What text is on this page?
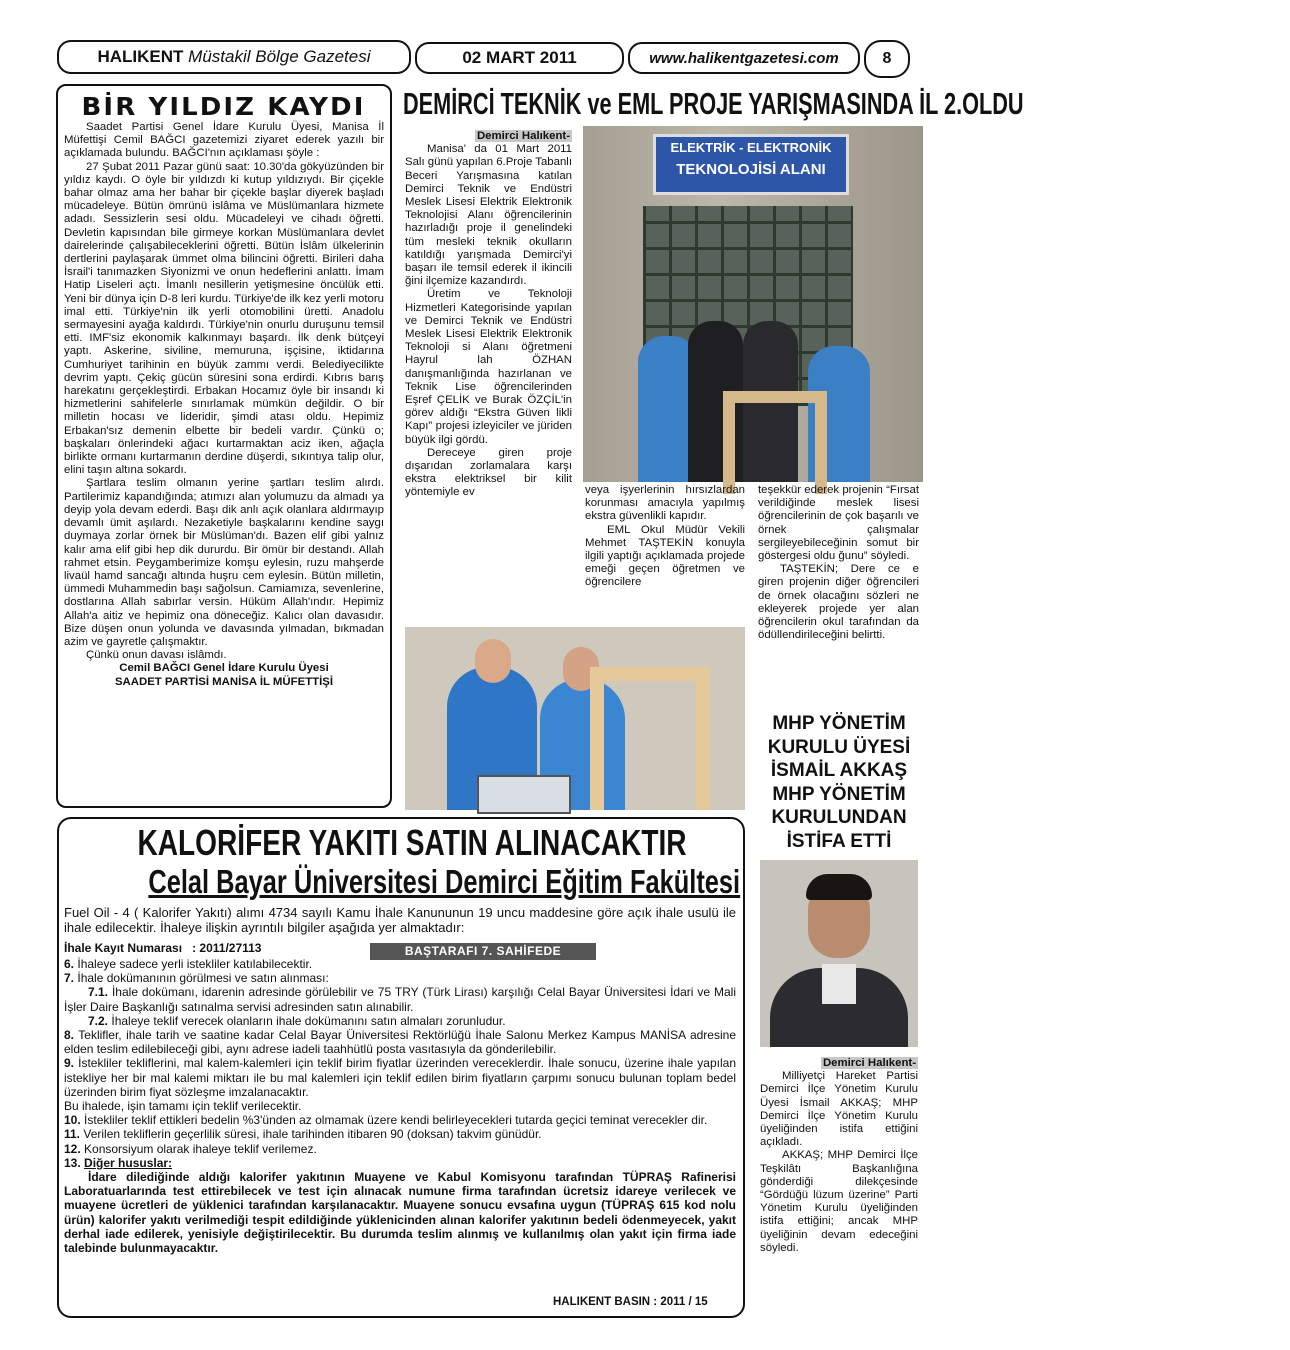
HALIKENT
Müstakil Bölge Gazetesi	02 MART 2011	www.halikentgazetesi.com	8
BİR YILDIZ KAYDI

Saadet Partisi Genel İdare Kurulu Üyesi, Manisa İl Müfettişi Cemil BAĞCI gazetemizi ziyaret ederek yazılı bir açıklamada bulundu. BAĞCI'nın açıklaması şöyle :

27 Şubat 2011 Pazar günü saat: 10.30'da gökyüzünden bir yıldız kaydı. O öyle bir yıldızdı ki kutup yıldızıydı. Bir çiçekle bahar olmaz ama her bahar bir çiçekle başlar diyerek başladı mücadeleye. Bütün ömrünü islâma ve Müslümanlara hizmete adadı. Sessizlerin sesi oldu. Mücadeleyi ve cihadı öğretti. Devletin kapısından bile girmeye korkan Müslümanlara devlet dairelerinde çalışabileceklerini öğretti. Bütün İslâm ülkelerinin dertlerini paylaşarak ümmet olma bilincini öğretti. Birileri daha İsrail'i tanımazken Siyonizmi ve onun hedeflerini anlattı. İmam Hatip Liseleri açtı. İmanlı nesillerin yetişmesine öncülük etti. Yeni bir dünya için D-8 leri kurdu. Türkiye'de ilk kez yerli motoru imal etti. Türkiye'nin ilk yerli otomobilini üretti. Anadolu sermayesini ayağa kaldırdı. Türkiye'nin onurlu duruşunu temsil etti. IMF'siz ekonomik kalkınmayı başardı. İlk denk bütçeyi yaptı. Askerine, siviline, memuruna, işçisine, iktidarına Cumhuriyet tarihinin en büyük zammı verdi. Belediyecilikte devrim yaptı. Çekiç gücün süresini sona erdirdi. Kıbrıs barış harekatını gerçekleştirdi. Erbakan Hocamız öyle bir insandı ki hizmetlerini sahifelerle sınırlamak mümkün değildir. O bir milletin hocası ve lideridir, şimdi atası oldu. Hepimiz Erbakan'sız demenin elbette bir bedeli vardır. Çünkü o; başkaları önlerindeki ağacı kurtarmaktan aciz iken, ağaçla birlikte ormanı kurtarmanın derdine düşerdi, sıkıntıya talip olur, elini taşın altına sokardı.

Şartlara teslim olmanın yerine şartları teslim alırdı. Partilerimiz kapandığında; atımızı alan yolumuzu da almadı ya deyip yola devam ederdi. Başı dik anlı açık olanlara aldırmayıp devamlı ümit aşılardı. Nezaketiyle başkalarını kendine saygı duymaya zorlar örnek bir Müslüman'dı. Bazen elif gibi yalnız kalır ama elif gibi hep dik dururdu. Bir ömür bir destandı. Allah rahmet etsin. Peygamberimize komşu eylesin, ruzu mahşerde livaül hamd sancağı altında huşru cem eylesin. Bütün milletin, ümmedi Muhammedin başı sağolsun. Camiamıza, sevenlerine, dostlarına Allah sabırlar versin. Hüküm Allah'ındır. Hepimiz Allah'a aitiz ve hepimiz ona döneceğiz. Kalıcı olan davasıdır. Bize düşen onun yolunda ve davasında yılmadan, bıkmadan azim ve gayretle çalışmaktır.

Çünkü onun davası islâmdı.

Cemil BAĞCI Genel İdare Kurulu Üyesi

SAADET PARTİSİ MANİSA İL MÜFETTİŞİ

DEMİRCİ TEKNİK ve EML PROJE YARIŞMASINDA İL 2.OLDU

Demirci Halıkent-

Manisa' da 01 Mart 2011 Salı günü yapılan 6.Proje Tabanlı Beceri Yarışmasına katılan Demirci Teknik ve Endüstri Meslek Lisesi Elektrik Elektronik Teknolojisi Alanı öğrencilerinin hazırladığı proje il genelindeki tüm mesleki teknik okulların katıldığı yarışmada Demirci'yi başarı ile temsil ederek il ikincili ğini ilçemize kazandırdı.

Üretim ve Teknoloji Hizmetleri Kategorisinde yapılan ve Demirci Teknik ve Endüstri Meslek Lisesi Elektrik Elektronik Teknoloji si Alanı öğretmeni Hayrul lah ÖZHAN danışmanlığında hazırlanan ve Teknik Lise öğrencilerinden Eşref ÇELİK ve Burak ÖZÇİL'in görev aldığı “Ekstra Güven likli Kapı” projesi izleyiciler ve jüriden büyük ilgi gördü.

Dereceye giren proje dışarıdan zorlamalara karşı ekstra elektriksel bir kilit yöntemiyle ev

ELEKTRİK - ELEKTRONİK
TEKNOLOJİSİ ALANI

veya işyerlerinin hırsızlardan korunması amacıyla yapılmış ekstra güvenlikli kapıdır.

EML Okul Müdür Vekili Mehmet TAŞTEKİN konuyla ilgili yaptığı açıklamada projede emeği geçen öğretmen ve öğrencilere

teşekkür ederek projenin “Fırsat verildiğinde meslek lisesi öğrencilerinin de çok başarılı ve örnek çalışmalar sergileyebileceğinin somut bir göstergesi oldu ğunu” söyledi.

TAŞTEKİN; Dere ce e giren projenin diğer öğrencileri de örnek olacağını sözleri ne ekleyerek projede yer alan öğrencilerin okul tarafından da ödüllendirileceğini belirtti.

MHP YÖNETİM KURULU ÜYESİ İSMAİL AKKAŞ MHP YÖNETİM KURULUNDAN İSTİFA ETTİ

Demirci Halıkent-

Milliyetçi Hareket Partisi Demirci İlçe Yönetim Kurulu Üyesi İsmail AKKAŞ; MHP Demirci İlçe Yönetim Kurulu üyeliğinden istifa ettiğini açıkladı.

AKKAŞ; MHP Demirci İlçe Teşkilâtı Başkanlığına gönderdiği dilekçesinde “Gördüğü lüzum üzerine” Parti Yönetim Kurulu üyeliğinden istifa ettiğini; ancak MHP üyeliğinin devam edeceğini söyledi.

KALORİFER YAKITI SATIN ALINACAKTIR
Celal Bayar Üniversitesi Demirci Eğitim Fakültesi

Fuel Oil - 4 ( Kalorifer Yakıtı) alımı 4734 sayılı Kamu İhale Kanununun 19 uncu maddesine göre açık ihale usulü ile ihale edilecektir. İhaleye ilişkin ayrıntılı bilgiler aşağıda yer almaktadır:

İhale Kayıt Numarası : 2011/27113	BAŞTARAFI 7. SAHİFEDE

6. İhaleye sadece yerli istekliler katılabilecektir.

7. İhale dokümanının görülmesi ve satın alınması:

7.1. İhale dokümanı, idarenin adresinde görülebilir ve 75 TRY (Türk Lirası) karşılığı Celal Bayar Üniversitesi İdari ve Mali İşler Daire Başkanlığı satınalma servisi adresinden satın alınabilir.

7.2. İhaleye teklif verecek olanların ihale dokümanını satın almaları zorunludur.

8. Teklifler, ihale tarih ve saatine kadar Celal Bayar Üniversitesi Rektörlüğü İhale Salonu Merkez Kampus MANİSA adresine elden teslim edilebileceği gibi, aynı adrese iadeli taahhütlü posta vasıtasıyla da gönderilebilir.

9. İstekliler tekliflerini, mal kalem-kalemleri için teklif birim fiyatlar üzerinden vereceklerdir. İhale sonucu, üzerine ihale yapılan istekliye her bir mal kalemi miktarı ile bu mal kalemleri için teklif edilen birim fiyatların çarpımı sonucu bulunan toplam bedel üzerinden birim fiyat sözleşme imzalanacaktır.

Bu ihalede, işin tamamı için teklif verilecektir.

10. İstekliler teklif ettikleri bedelin %3'ünden az olmamak üzere kendi belirleyecekleri tutarda geçici teminat verecekler dir.

11. Verilen tekliflerin geçerlilik süresi, ihale tarihinden itibaren 90 (doksan) takvim günüdür.

12. Konsorsiyum olarak ihaleye teklif verilemez.

13. Diğer hususlar:

İdare dilediğinde aldığı kalorifer yakıtının Muayene ve Kabul Komisyonu tarafından TÜPRAŞ Rafinerisi Laboratuarlarında test ettirebilecek ve test için alınacak numune firma tarafından ücretsiz idareye verilecek ve muayene ücretleri de yüklenici tarafından karşılanacaktır. Muayene sonucu evsafına uygun (TÜPRAŞ 615 kod nolu ürün) kalorifer yakıtı verilmediği tespit edildiğinde yüklenicinden alınan kalorifer yakıtının bedeli ödenmeyecek, yakıt derhal iade edilerek, yenisiyle değiştirilecektir. Bu durumda teslim alınmış ve kullanılmış olan yakıt için firma iade talebinde bulunmayacaktır.

HALIKENT BASIN : 2011 / 15
